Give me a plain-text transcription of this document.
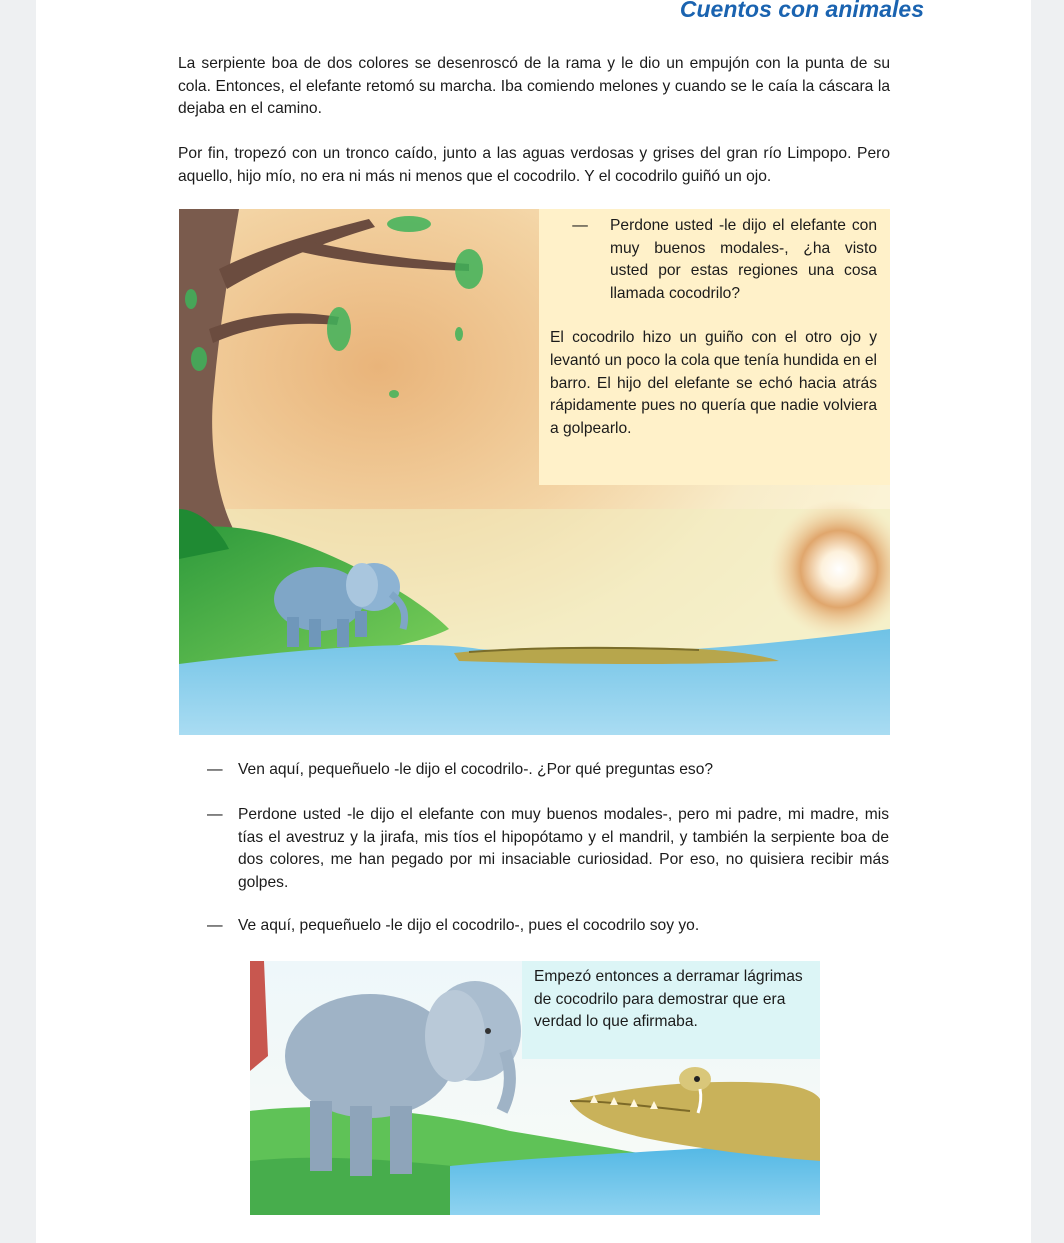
Cuentos con animales

La serpiente boa de dos colores se desenroscó de la rama y le dio un empujón con la punta de su cola. Entonces, el elefante retomó su marcha. Iba comiendo melones y cuando se le caía la cáscara la dejaba en el camino.

Por fin, tropezó con un tronco caído, junto a las aguas verdosas y grises del gran río Limpopo. Pero aquello, hijo mío, no era ni más ni menos que el cocodrilo. Y el cocodrilo guiñó un ojo.

—	Perdone usted -le dijo el elefante con muy buenos modales-, ¿ha visto usted por estas regiones una cosa llamada cocodrilo?
El cocodrilo hizo un guiño con el otro ojo y levantó un poco la cola que tenía hundida en el barro. El hijo del elefante se echó hacia atrás rápidamente pues no quería que nadie volviera a golpearlo.
— Ven aquí, pequeñuelo -le dijo el cocodrilo-. ¿Por qué preguntas eso?
— Perdone usted -le dijo el elefante con muy buenos modales-, pero mi padre, mi madre, mis tías el avestruz y la jirafa, mis tíos el hipopótamo y el mandril, y también la serpiente boa de dos colores, me han pegado por mi insaciable curiosidad. Por eso, no quisiera recibir más golpes.
— Ve aquí, pequeñuelo -le dijo el cocodrilo-, pues el cocodrilo soy yo.
Empezó entonces a derramar lágrimas de cocodrilo para demostrar que era verdad lo que afirmaba.
